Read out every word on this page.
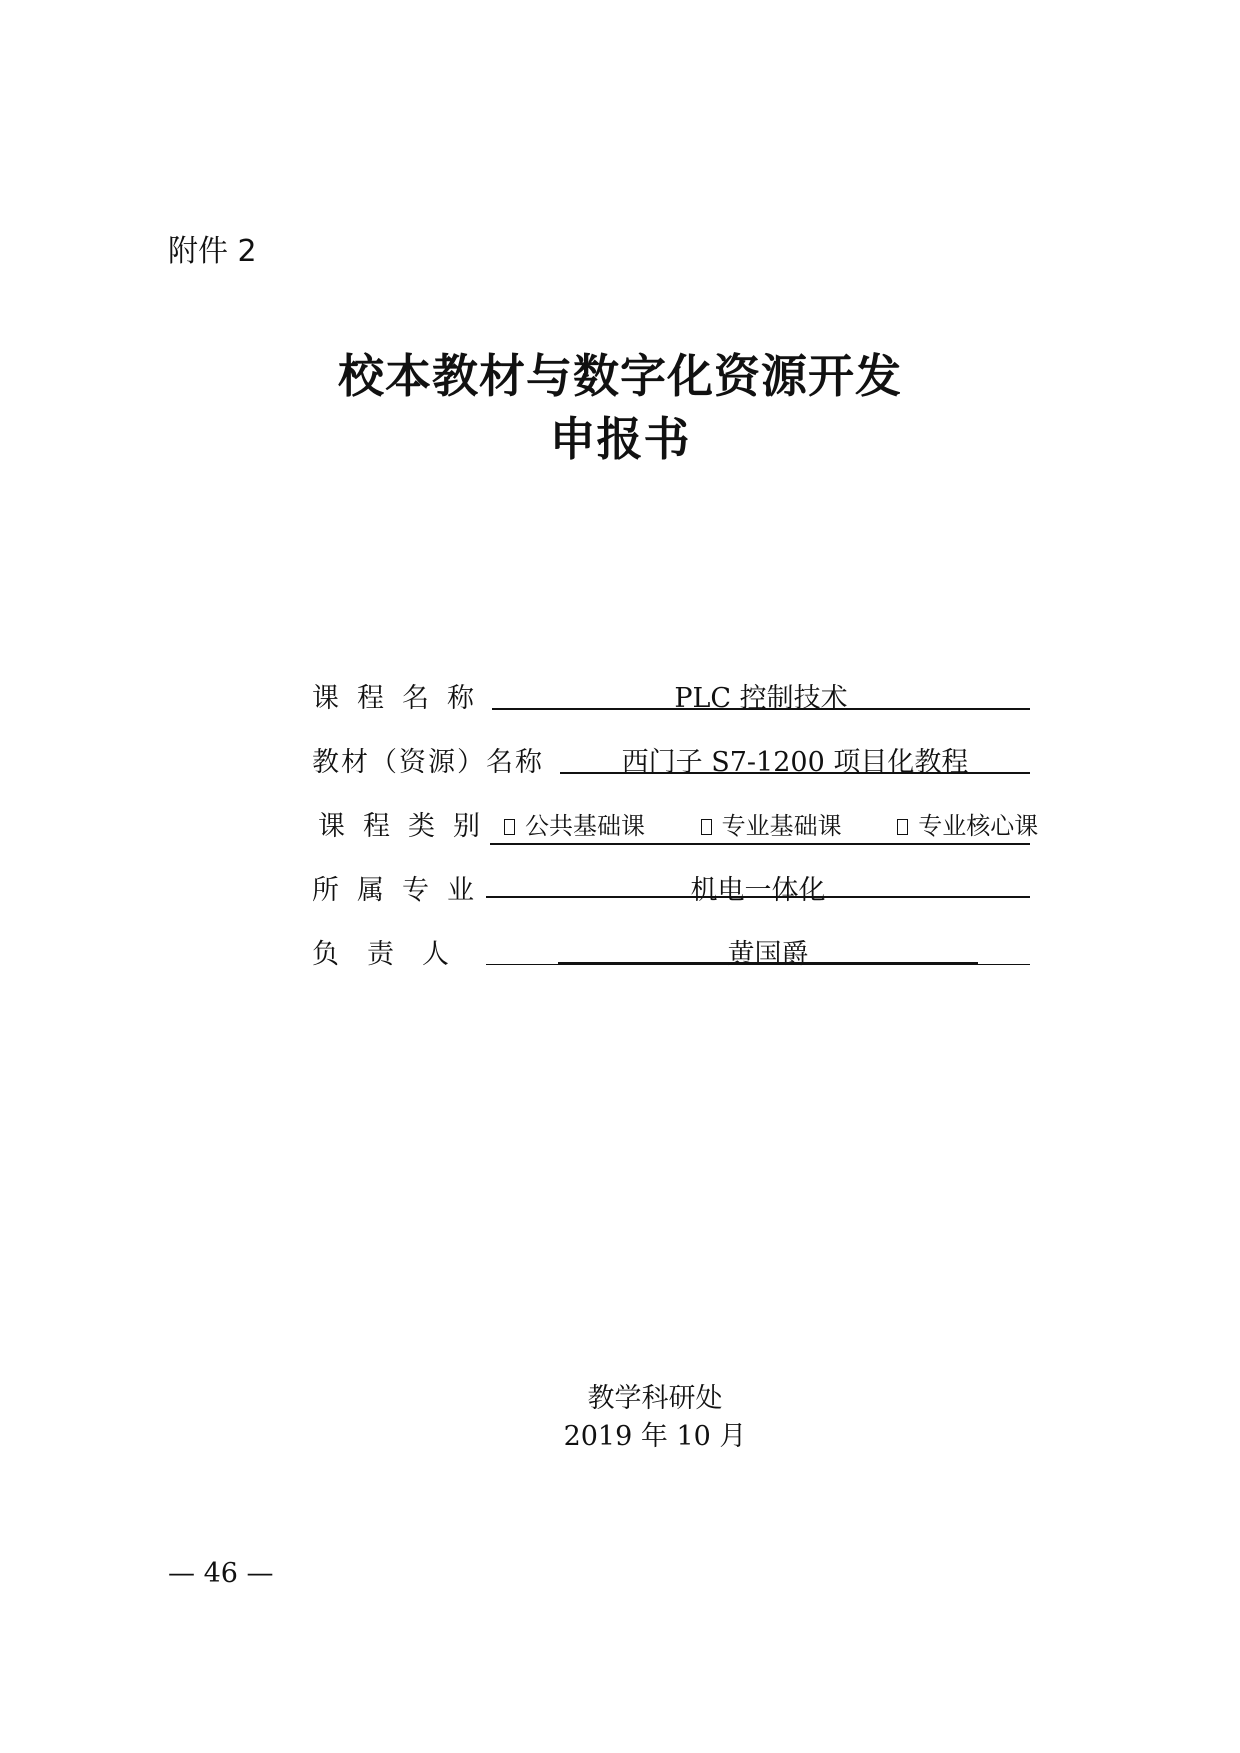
附件 2
校本教材与数字化资源开发
申报书
课程名称	PLC 控制技术
教材（资源）名称	西门子 S7-1200 项目化教程
课程类别	公共基础课	专业基础课	专业核心课
所属专业	机电一体化
负责人	黄国爵
教学科研处
2019 年 10 月
— 46 —
